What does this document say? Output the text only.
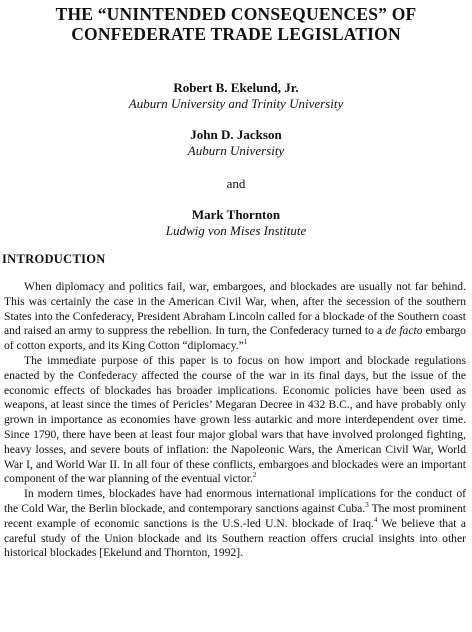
THE “UNINTENDED CONSEQUENCES” OF
CONFEDERATE TRADE LEGISLATION
Robert B. Ekelund, Jr.
Auburn University and Trinity University
John D. Jackson
Auburn University
and
Mark Thornton
Ludwig von Mises Institute
INTRODUCTION

When diplomacy and politics fail, war, embargoes, and blockades are usually not far behind. This was certainly the case in the American Civil War, when, after the secession of the southern States into the Confederacy, President Abraham Lincoln called for a blockade of the Southern coast and raised an army to suppress the rebellion. In turn, the Confederacy turned to a de facto embargo of cotton exports, and its King Cotton “diplomacy.”$^1$

The immediate purpose of this paper is to focus on how import and blockade regulations enacted by the Confederacy affected the course of the war in its final days, but the issue of the economic effects of blockades has broader implications. Economic policies have been used as weapons, at least since the times of Pericles’ Megaran Decree in 432 B.C., and have probably only grown in importance as economies have grown less autarkic and more interdependent over time. Since 1790, there have been at least four major global wars that have involved prolonged fighting, heavy losses, and severe bouts of inflation: the Napoleonic Wars, the American Civil War, World War I, and World War II. In all four of these conflicts, embargoes and blockades were an important component of the war planning of the eventual victor.$^2$

In modern times, blockades have had enormous international implications for the conduct of the Cold War, the Berlin blockade, and contemporary sanctions against Cuba.$^3$ The most prominent recent example of economic sanctions is the U.S.-led U.N. blockade of Iraq.$^4$ We believe that a careful study of the Union blockade and its Southern reaction offers crucial insights into other historical blockades [Ekelund and Thornton, 1992].
